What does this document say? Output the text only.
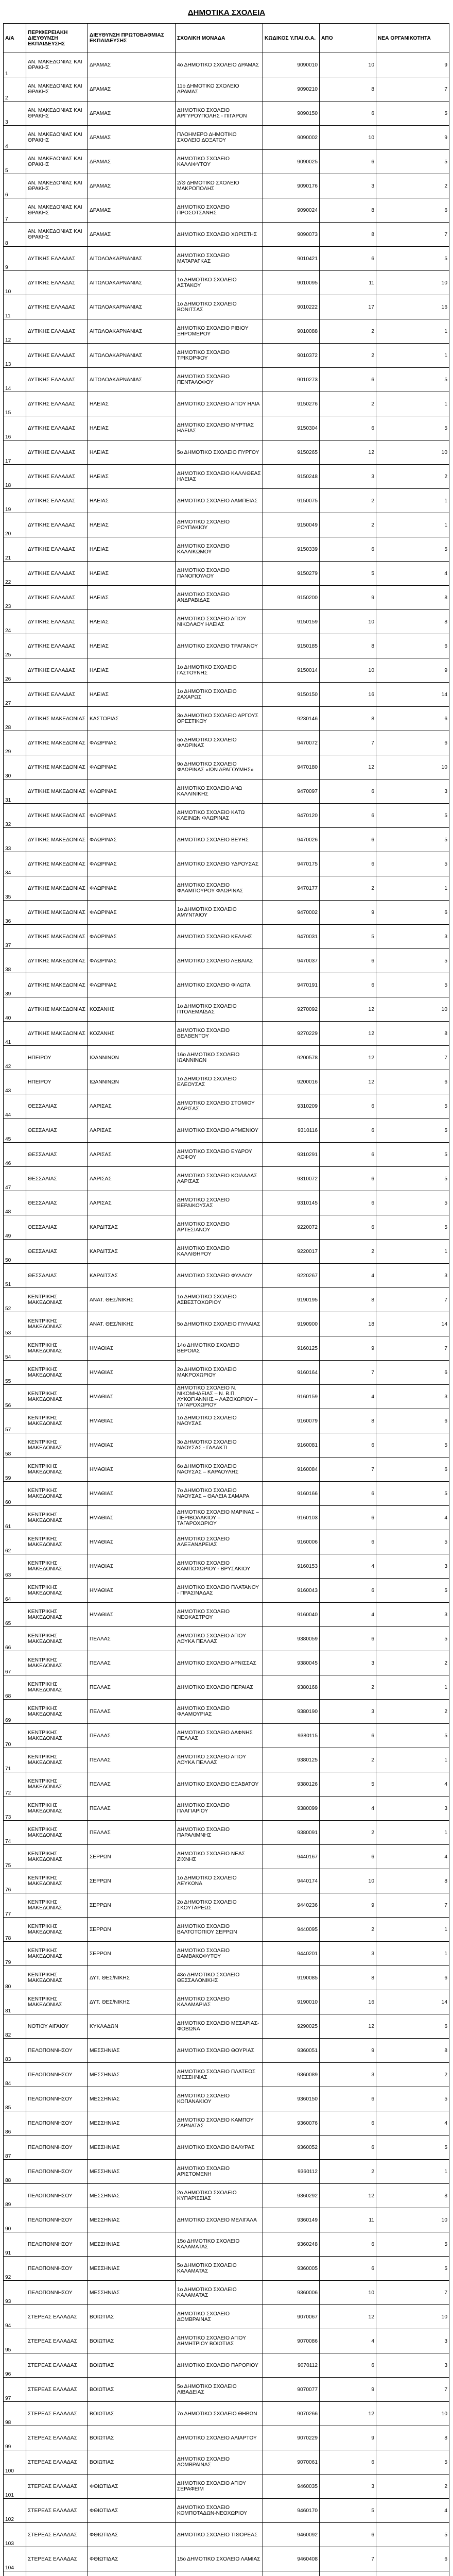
ΔΗΜΟΤΙΚΑ ΣΧΟΛΕΙΑ
Α/Α	ΠΕΡΙΦΕΡΕΙΑΚΗ ΔΙΕΥΘΥΝΣΗ ΕΚΠΑΙΔΕΥΣΗΣ	ΔΙΕΥΘΥΝΣΗ ΠΡΩΤΟΒΑΘΜΙΑΣ ΕΚΠΑΙΔΕΥΣΗΣ	ΣΧΟΛΙΚΗ ΜΟΝΑΔΑ	ΚΩΔΙΚΟΣ Υ.ΠΑΙ.Θ.Α.	ΑΠΟ	ΝΕΑ ΟΡΓΑΝΙΚΟΤΗΤΑ
1	ΑΝ. ΜΑΚΕΔΟΝΙΑΣ ΚΑΙ ΘΡΑΚΗΣ	ΔΡΑΜΑΣ	4ο ΔΗΜΟΤΙΚΟ ΣΧΟΛΕΙΟ ΔΡΑΜΑΣ	9090010	10	9
2	ΑΝ. ΜΑΚΕΔΟΝΙΑΣ ΚΑΙ ΘΡΑΚΗΣ	ΔΡΑΜΑΣ	11ο ΔΗΜΟΤΙΚΟ ΣΧΟΛΕΙΟ ΔΡΑΜΑΣ	9090210	8	7
3	ΑΝ. ΜΑΚΕΔΟΝΙΑΣ ΚΑΙ ΘΡΑΚΗΣ	ΔΡΑΜΑΣ	ΔΗΜΟΤΙΚΟ ΣΧΟΛΕΙΟ ΑΡΓΥΡΟΥΠΟΛΗΣ - ΠΙΓΑΡΟΝ	9090150	6	5
4	ΑΝ. ΜΑΚΕΔΟΝΙΑΣ ΚΑΙ ΘΡΑΚΗΣ	ΔΡΑΜΑΣ	ΠΛΟΗΜΕΡΟ ΔΗΜΟΤΙΚΟ ΣΧΟΛΕΙΟ ΔΟΞΑΤΟΥ	9090002	10	9
5	ΑΝ. ΜΑΚΕΔΟΝΙΑΣ ΚΑΙ ΘΡΑΚΗΣ	ΔΡΑΜΑΣ	ΔΗΜΟΤΙΚΟ ΣΧΟΛΕΙΟ ΚΑΛΛΙΦΥΤΟΥ	9090025	6	5
6	ΑΝ. ΜΑΚΕΔΟΝΙΑΣ ΚΑΙ ΘΡΑΚΗΣ	ΔΡΑΜΑΣ	2/Θ ΔΗΜΟΤΙΚΟ ΣΧΟΛΕΙΟ ΜΑΚΡΟΠΟΛΗΣ	9090176	3	2
7	ΑΝ. ΜΑΚΕΔΟΝΙΑΣ ΚΑΙ ΘΡΑΚΗΣ	ΔΡΑΜΑΣ	ΔΗΜΟΤΙΚΟ ΣΧΟΛΕΙΟ ΠΡΟΣΟΤΣΑΝΗΣ	9090024	8	6
8	ΑΝ. ΜΑΚΕΔΟΝΙΑΣ ΚΑΙ ΘΡΑΚΗΣ	ΔΡΑΜΑΣ	ΔΗΜΟΤΙΚΟ ΣΧΟΛΕΙΟ ΧΩΡΙΣΤΗΣ	9090073	8	7
9	ΔΥΤΙΚΗΣ ΕΛΛΑΔΑΣ	ΑΙΤΩΛΟΑΚΑΡΝΑΝΙΑΣ	ΔΗΜΟΤΙΚΟ ΣΧΟΛΕΙΟ ΜΑΤΑΡΑΓΚΑΣ	9010421	6	5
10	ΔΥΤΙΚΗΣ ΕΛΛΑΔΑΣ	ΑΙΤΩΛΟΑΚΑΡΝΑΝΙΑΣ	1ο ΔΗΜΟΤΙΚΟ ΣΧΟΛΕΙΟ ΑΣΤΑΚΟΥ	9010095	11	10
11	ΔΥΤΙΚΗΣ ΕΛΛΑΔΑΣ	ΑΙΤΩΛΟΑΚΑΡΝΑΝΙΑΣ	1ο ΔΗΜΟΤΙΚΟ ΣΧΟΛΕΙΟ ΒΟΝΙΤΣΑΣ	9010222	17	16
12	ΔΥΤΙΚΗΣ ΕΛΛΑΔΑΣ	ΑΙΤΩΛΟΑΚΑΡΝΑΝΙΑΣ	ΔΗΜΟΤΙΚΟ ΣΧΟΛΕΙΟ ΡΙΒΙΟΥ ΞΗΡΟΜΕΡΟΥ	9010088	2	1
13	ΔΥΤΙΚΗΣ ΕΛΛΑΔΑΣ	ΑΙΤΩΛΟΑΚΑΡΝΑΝΙΑΣ	ΔΗΜΟΤΙΚΟ ΣΧΟΛΕΙΟ ΤΡΙΚΟΡΦΟΥ	9010372	2	1
14	ΔΥΤΙΚΗΣ ΕΛΛΑΔΑΣ	ΑΙΤΩΛΟΑΚΑΡΝΑΝΙΑΣ	ΔΗΜΟΤΙΚΟ ΣΧΟΛΕΙΟ ΠΕΝΤΑΛΟΦΟΥ	9010273	6	5
15	ΔΥΤΙΚΗΣ ΕΛΛΑΔΑΣ	ΗΛΕΙΑΣ	ΔΗΜΟΤΙΚΟ ΣΧΟΛΕΙΟ ΑΓΙΟΥ ΗΛΙΑ	9150276	2	1
16	ΔΥΤΙΚΗΣ ΕΛΛΑΔΑΣ	ΗΛΕΙΑΣ	ΔΗΜΟΤΙΚΟ ΣΧΟΛΕΙΟ ΜΥΡΤΙΑΣ ΗΛΕΙΑΣ	9150304	6	5
17	ΔΥΤΙΚΗΣ ΕΛΛΑΔΑΣ	ΗΛΕΙΑΣ	5ο ΔΗΜΟΤΙΚΟ ΣΧΟΛΕΙΟ ΠΥΡΓΟΥ	9150265	12	10
18	ΔΥΤΙΚΗΣ ΕΛΛΑΔΑΣ	ΗΛΕΙΑΣ	ΔΗΜΟΤΙΚΟ ΣΧΟΛΕΙΟ ΚΑΛΛΙΘΕΑΣ ΗΛΕΙΑΣ	9150248	3	2
19	ΔΥΤΙΚΗΣ ΕΛΛΑΔΑΣ	ΗΛΕΙΑΣ	ΔΗΜΟΤΙΚΟ ΣΧΟΛΕΙΟ ΛΑΜΠΕΙΑΣ	9150075	2	1
20	ΔΥΤΙΚΗΣ ΕΛΛΑΔΑΣ	ΗΛΕΙΑΣ	ΔΗΜΟΤΙΚΟ ΣΧΟΛΕΙΟ ΡΟΥΠΑΚΙΟΥ	9150049	2	1
21	ΔΥΤΙΚΗΣ ΕΛΛΑΔΑΣ	ΗΛΕΙΑΣ	ΔΗΜΟΤΙΚΟ ΣΧΟΛΕΙΟ ΚΑΛΛΙΚΩΜΟΥ	9150339	6	5
22	ΔΥΤΙΚΗΣ ΕΛΛΑΔΑΣ	ΗΛΕΙΑΣ	ΔΗΜΟΤΙΚΟ ΣΧΟΛΕΙΟ ΠΑΝΟΠΟΥΛΟΥ	9150279	5	4
23	ΔΥΤΙΚΗΣ ΕΛΛΑΔΑΣ	ΗΛΕΙΑΣ	ΔΗΜΟΤΙΚΟ ΣΧΟΛΕΙΟ ΑΝΔΡΑΒΙΔΑΣ	9150200	9	8
24	ΔΥΤΙΚΗΣ ΕΛΛΑΔΑΣ	ΗΛΕΙΑΣ	ΔΗΜΟΤΙΚΟ ΣΧΟΛΕΙΟ ΑΓΙΟΥ ΝΙΚΟΛΑΟΥ ΗΛΕΙΑΣ	9150159	10	8
25	ΔΥΤΙΚΗΣ ΕΛΛΑΔΑΣ	ΗΛΕΙΑΣ	ΔΗΜΟΤΙΚΟ ΣΧΟΛΕΙΟ ΤΡΑΓΑΝΟΥ	9150185	8	6
26	ΔΥΤΙΚΗΣ ΕΛΛΑΔΑΣ	ΗΛΕΙΑΣ	1ο ΔΗΜΟΤΙΚΟ ΣΧΟΛΕΙΟ ΓΑΣΤΟΥΝΗΣ	9150014	10	9
27	ΔΥΤΙΚΗΣ ΕΛΛΑΔΑΣ	ΗΛΕΙΑΣ	1ο ΔΗΜΟΤΙΚΟ ΣΧΟΛΕΙΟ ΖΑΧΑΡΩΣ	9150150	16	14
28	ΔΥΤΙΚΗΣ ΜΑΚΕΔΟΝΙΑΣ	ΚΑΣΤΟΡΙΑΣ	3ο ΔΗΜΟΤΙΚΟ ΣΧΟΛΕΙΟ ΑΡΓΟΥΣ ΟΡΕΣΤΙΚΟΥ	9230146	8	6
29	ΔΥΤΙΚΗΣ ΜΑΚΕΔΟΝΙΑΣ	ΦΛΩΡΙΝΑΣ	5ο ΔΗΜΟΤΙΚΟ ΣΧΟΛΕΙΟ ΦΛΩΡΙΝΑΣ	9470072	7	6
30	ΔΥΤΙΚΗΣ ΜΑΚΕΔΟΝΙΑΣ	ΦΛΩΡΙΝΑΣ	9ο ΔΗΜΟΤΙΚΟ ΣΧΟΛΕΙΟ ΦΛΩΡΙΝΑΣ «ΙΩΝ ΔΡΑΓΟΥΜΗΣ»	9470180	12	10
31	ΔΥΤΙΚΗΣ ΜΑΚΕΔΟΝΙΑΣ	ΦΛΩΡΙΝΑΣ	ΔΗΜΟΤΙΚΟ ΣΧΟΛΕΙΟ ΑΝΩ ΚΑΛΛΙΝΙΚΗΣ	9470097	6	3
32	ΔΥΤΙΚΗΣ ΜΑΚΕΔΟΝΙΑΣ	ΦΛΩΡΙΝΑΣ	ΔΗΜΟΤΙΚΟ ΣΧΟΛΕΙΟ ΚΑΤΩ ΚΛΕΙΝΩΝ ΦΛΩΡΙΝΑΣ	9470120	6	5
33	ΔΥΤΙΚΗΣ ΜΑΚΕΔΟΝΙΑΣ	ΦΛΩΡΙΝΑΣ	ΔΗΜΟΤΙΚΟ ΣΧΟΛΕΙΟ ΒΕΥΗΣ	9470026	6	5
34	ΔΥΤΙΚΗΣ ΜΑΚΕΔΟΝΙΑΣ	ΦΛΩΡΙΝΑΣ	ΔΗΜΟΤΙΚΟ ΣΧΟΛΕΙΟ ΥΔΡΟΥΣΑΣ	9470175	6	5
35	ΔΥΤΙΚΗΣ ΜΑΚΕΔΟΝΙΑΣ	ΦΛΩΡΙΝΑΣ	ΔΗΜΟΤΙΚΟ ΣΧΟΛΕΙΟ ΦΛΑΜΠΟΥΡΟΥ ΦΛΩΡΙΝΑΣ	9470177	2	1
36	ΔΥΤΙΚΗΣ ΜΑΚΕΔΟΝΙΑΣ	ΦΛΩΡΙΝΑΣ	1ο ΔΗΜΟΤΙΚΟ ΣΧΟΛΕΙΟ ΑΜΥΝΤΑΙΟΥ	9470002	9	6
37	ΔΥΤΙΚΗΣ ΜΑΚΕΔΟΝΙΑΣ	ΦΛΩΡΙΝΑΣ	ΔΗΜΟΤΙΚΟ ΣΧΟΛΕΙΟ ΚΕΛΛΗΣ	9470031	5	3
38	ΔΥΤΙΚΗΣ ΜΑΚΕΔΟΝΙΑΣ	ΦΛΩΡΙΝΑΣ	ΔΗΜΟΤΙΚΟ ΣΧΟΛΕΙΟ ΛΕΒΑΙΑΣ	9470037	6	5
39	ΔΥΤΙΚΗΣ ΜΑΚΕΔΟΝΙΑΣ	ΦΛΩΡΙΝΑΣ	ΔΗΜΟΤΙΚΟ ΣΧΟΛΕΙΟ ΦΙΛΩΤΑ	9470191	6	5
40	ΔΥΤΙΚΗΣ ΜΑΚΕΔΟΝΙΑΣ	ΚΟΖΑΝΗΣ	1ο ΔΗΜΟΤΙΚΟ ΣΧΟΛΕΙΟ ΠΤΟΛΕΜΑΪΔΑΣ	9270092	12	10
41	ΔΥΤΙΚΗΣ ΜΑΚΕΔΟΝΙΑΣ	ΚΟΖΑΝΗΣ	ΔΗΜΟΤΙΚΟ ΣΧΟΛΕΙΟ ΒΕΛΒΕΝΤΟΥ	9270229	12	8
42	ΗΠΕΙΡΟΥ	ΙΩΑΝΝΙΝΩΝ	16ο ΔΗΜΟΤΙΚΟ ΣΧΟΛΕΙΟ ΙΩΑΝΝΙΝΩΝ	9200578	12	7
43	ΗΠΕΙΡΟΥ	ΙΩΑΝΝΙΝΩΝ	1ο ΔΗΜΟΤΙΚΟ ΣΧΟΛΕΙΟ ΕΛΕΟΥΣΑΣ	9200016	12	6
44	ΘΕΣΣΑΛΙΑΣ	ΛΑΡΙΣΑΣ	ΔΗΜΟΤΙΚΟ ΣΧΟΛΕΙΟ ΣΤΟΜΙΟΥ ΛΑΡΙΣΑΣ	9310209	6	5
45	ΘΕΣΣΑΛΙΑΣ	ΛΑΡΙΣΑΣ	ΔΗΜΟΤΙΚΟ ΣΧΟΛΕΙΟ ΑΡΜΕΝΙΟΥ	9310116	6	5
46	ΘΕΣΣΑΛΙΑΣ	ΛΑΡΙΣΑΣ	ΔΗΜΟΤΙΚΟ ΣΧΟΛΕΙΟ ΕΥΔΡΟΥ ΛΟΦΟΥ	9310291	6	5
47	ΘΕΣΣΑΛΙΑΣ	ΛΑΡΙΣΑΣ	ΔΗΜΟΤΙΚΟ ΣΧΟΛΕΙΟ ΚΟΙΛΑΔΑΣ ΛΑΡΙΣΑΣ	9310072	6	5
48	ΘΕΣΣΑΛΙΑΣ	ΛΑΡΙΣΑΣ	ΔΗΜΟΤΙΚΟ ΣΧΟΛΕΙΟ ΒΕΡΔΙΚΟΥΣΑΣ	9310145	6	5
49	ΘΕΣΣΑΛΙΑΣ	ΚΑΡΔΙΤΣΑΣ	ΔΗΜΟΤΙΚΟ ΣΧΟΛΕΙΟ ΑΡΤΕΣΙΑΝΟΥ	9220072	6	5
50	ΘΕΣΣΑΛΙΑΣ	ΚΑΡΔΙΤΣΑΣ	ΔΗΜΟΤΙΚΟ ΣΧΟΛΕΙΟ ΚΑΛΛΙΘΗΡΟΥ	9220017	2	1
51	ΘΕΣΣΑΛΙΑΣ	ΚΑΡΔΙΤΣΑΣ	ΔΗΜΟΤΙΚΟ ΣΧΟΛΕΙΟ ΦΥΛΛΟΥ	9220267	4	3
52	ΚΕΝΤΡΙΚΗΣ ΜΑΚΕΔΟΝΙΑΣ	ΑΝΑΤ. ΘΕΣ/ΝΙΚΗΣ	1ο ΔΗΜΟΤΙΚΟ ΣΧΟΛΕΙΟ ΑΣΒΕΣΤΟΧΩΡΙΟΥ	9190195	8	7
53	ΚΕΝΤΡΙΚΗΣ ΜΑΚΕΔΟΝΙΑΣ	ΑΝΑΤ. ΘΕΣ/ΝΙΚΗΣ	5ο ΔΗΜΟΤΙΚΟ ΣΧΟΛΕΙΟ ΠΥΛΑΙΑΣ	9190900	18	14
54	ΚΕΝΤΡΙΚΗΣ ΜΑΚΕΔΟΝΙΑΣ	ΗΜΑΘΙΑΣ	14ο ΔΗΜΟΤΙΚΟ ΣΧΟΛΕΙΟ ΒΕΡΟΙΑΣ	9160125	9	7
55	ΚΕΝΤΡΙΚΗΣ ΜΑΚΕΔΟΝΙΑΣ	ΗΜΑΘΙΑΣ	2ο ΔΗΜΟΤΙΚΟ ΣΧΟΛΕΙΟ ΜΑΚΡΟΧΩΡΙΟΥ	9160164	7	6
56	ΚΕΝΤΡΙΚΗΣ ΜΑΚΕΔΟΝΙΑΣ	ΗΜΑΘΙΑΣ	ΔΗΜΟΤΙΚΟ ΣΧΟΛΕΙΟ Ν. ΝΙΚΟΜΗΔΕΙΑΣ – Ν. Β.Π. ΛΥΚΟΓΙΑΝΝΗΣ – ΛΑΖΟΧΩΡΙΟΥ – ΤΑΓΑΡΟΧΩΡΙΟΥ	9160159	4	3
57	ΚΕΝΤΡΙΚΗΣ ΜΑΚΕΔΟΝΙΑΣ	ΗΜΑΘΙΑΣ	1ο ΔΗΜΟΤΙΚΟ ΣΧΟΛΕΙΟ ΝΑΟΥΣΑΣ	9160079	8	6
58	ΚΕΝΤΡΙΚΗΣ ΜΑΚΕΔΟΝΙΑΣ	ΗΜΑΘΙΑΣ	3ο ΔΗΜΟΤΙΚΟ ΣΧΟΛΕΙΟ ΝΑΟΥΣΑΣ - ΓΑΛΑΚΤΙ	9160081	6	5
59	ΚΕΝΤΡΙΚΗΣ ΜΑΚΕΔΟΝΙΑΣ	ΗΜΑΘΙΑΣ	6ο ΔΗΜΟΤΙΚΟ ΣΧΟΛΕΙΟ ΝΑΟΥΣΑΣ – ΚΑΡΑΟΥΛΗΣ	9160084	7	6
60	ΚΕΝΤΡΙΚΗΣ ΜΑΚΕΔΟΝΙΑΣ	ΗΜΑΘΙΑΣ	7ο ΔΗΜΟΤΙΚΟ ΣΧΟΛΕΙΟ ΝΑΟΥΣΑΣ – ΘΑΛΕΙΑ ΣΑΜΑΡΑ	9160166	6	5
61	ΚΕΝΤΡΙΚΗΣ ΜΑΚΕΔΟΝΙΑΣ	ΗΜΑΘΙΑΣ	ΔΗΜΟΤΙΚΟ ΣΧΟΛΕΙΟ ΜΑΡΙΝΑΣ – ΠΕΡΙΒΟΛΑΚΙΟΥ – ΤΑΓΑΡΟΧΩΡΙΟΥ	9160103	6	4
62	ΚΕΝΤΡΙΚΗΣ ΜΑΚΕΔΟΝΙΑΣ	ΗΜΑΘΙΑΣ	ΔΗΜΟΤΙΚΟ ΣΧΟΛΕΙΟ ΑΛΕΞΑΝΔΡΕΙΑΣ	9160006	6	5
63	ΚΕΝΤΡΙΚΗΣ ΜΑΚΕΔΟΝΙΑΣ	ΗΜΑΘΙΑΣ	ΔΗΜΟΤΙΚΟ ΣΧΟΛΕΙΟ ΚΑΜΠΟΧΩΡΙΟΥ - ΒΡΥΣΑΚΙΟΥ	9160153	4	3
64	ΚΕΝΤΡΙΚΗΣ ΜΑΚΕΔΟΝΙΑΣ	ΗΜΑΘΙΑΣ	ΔΗΜΟΤΙΚΟ ΣΧΟΛΕΙΟ ΠΛΑΤΑΝΟΥ - ΠΡΑΣΙΝΑΔΑΣ	9160043	6	5
65	ΚΕΝΤΡΙΚΗΣ ΜΑΚΕΔΟΝΙΑΣ	ΗΜΑΘΙΑΣ	ΔΗΜΟΤΙΚΟ ΣΧΟΛΕΙΟ ΝΕΟΚΑΣΤΡΟΥ	9160040	4	3
66	ΚΕΝΤΡΙΚΗΣ ΜΑΚΕΔΟΝΙΑΣ	ΠΕΛΛΑΣ	ΔΗΜΟΤΙΚΟ ΣΧΟΛΕΙΟ ΑΓΙΟΥ ΛΟΥΚΑ ΠΕΛΛΑΣ	9380059	6	5
67	ΚΕΝΤΡΙΚΗΣ ΜΑΚΕΔΟΝΙΑΣ	ΠΕΛΛΑΣ	ΔΗΜΟΤΙΚΟ ΣΧΟΛΕΙΟ ΑΡΝΙΣΣΑΣ	9380045	3	2
68	ΚΕΝΤΡΙΚΗΣ ΜΑΚΕΔΟΝΙΑΣ	ΠΕΛΛΑΣ	ΔΗΜΟΤΙΚΟ ΣΧΟΛΕΙΟ ΠΕΡΑΙΑΣ	9380168	2	1
69	ΚΕΝΤΡΙΚΗΣ ΜΑΚΕΔΟΝΙΑΣ	ΠΕΛΛΑΣ	ΔΗΜΟΤΙΚΟ ΣΧΟΛΕΙΟ ΦΛΑΜΟΥΡΙΑΣ	9380190	3	2
70	ΚΕΝΤΡΙΚΗΣ ΜΑΚΕΔΟΝΙΑΣ	ΠΕΛΛΑΣ	ΔΗΜΟΤΙΚΟ ΣΧΟΛΕΙΟ ΔΑΦΝΗΣ ΠΕΛΛΑΣ	9380115	6	5
71	ΚΕΝΤΡΙΚΗΣ ΜΑΚΕΔΟΝΙΑΣ	ΠΕΛΛΑΣ	ΔΗΜΟΤΙΚΟ ΣΧΟΛΕΙΟ ΑΓΙΟΥ ΛΟΥΚΑ ΠΕΛΛΑΣ	9380125	2	1
72	ΚΕΝΤΡΙΚΗΣ ΜΑΚΕΔΟΝΙΑΣ	ΠΕΛΛΑΣ	ΔΗΜΟΤΙΚΟ ΣΧΟΛΕΙΟ ΕΞΑΒΑΤΟΥ	9380126	5	4
73	ΚΕΝΤΡΙΚΗΣ ΜΑΚΕΔΟΝΙΑΣ	ΠΕΛΛΑΣ	ΔΗΜΟΤΙΚΟ ΣΧΟΛΕΙΟ ΠΛΑΓΙΑΡΙΟΥ	9380099	4	3
74	ΚΕΝΤΡΙΚΗΣ ΜΑΚΕΔΟΝΙΑΣ	ΠΕΛΛΑΣ	ΔΗΜΟΤΙΚΟ ΣΧΟΛΕΙΟ ΠΑΡΑΛΙΜΝΗΣ	9380091	2	1
75	ΚΕΝΤΡΙΚΗΣ ΜΑΚΕΔΟΝΙΑΣ	ΣΕΡΡΩΝ	ΔΗΜΟΤΙΚΟ ΣΧΟΛΕΙΟ ΝΕΑΣ ΖΙΧΝΗΣ	9440167	6	4
76	ΚΕΝΤΡΙΚΗΣ ΜΑΚΕΔΟΝΙΑΣ	ΣΕΡΡΩΝ	1ο ΔΗΜΟΤΙΚΟ ΣΧΟΛΕΙΟ ΛΕΥΚΩΝΑ	9440174	10	8
77	ΚΕΝΤΡΙΚΗΣ ΜΑΚΕΔΟΝΙΑΣ	ΣΕΡΡΩΝ	2ο ΔΗΜΟΤΙΚΟ ΣΧΟΛΕΙΟ ΣΚΟΥΤΑΡΕΩΣ	9440236	9	7
78	ΚΕΝΤΡΙΚΗΣ ΜΑΚΕΔΟΝΙΑΣ	ΣΕΡΡΩΝ	ΔΗΜΟΤΙΚΟ ΣΧΟΛΕΙΟ ΒΑΛΤΟΤΟΠΙΟΥ ΣΕΡΡΩΝ	9440095	2	1
79	ΚΕΝΤΡΙΚΗΣ ΜΑΚΕΔΟΝΙΑΣ	ΣΕΡΡΩΝ	ΔΗΜΟΤΙΚΟ ΣΧΟΛΕΙΟ ΒΑΜΒΑΚΟΦΥΤΟΥ	9440201	3	1
80	ΚΕΝΤΡΙΚΗΣ ΜΑΚΕΔΟΝΙΑΣ	ΔΥΤ. ΘΕΣ/ΝΙΚΗΣ	43ο ΔΗΜΟΤΙΚΟ ΣΧΟΛΕΙΟ ΘΕΣΣΑΛΟΝΙΚΗΣ	9190085	8	6
81	ΚΕΝΤΡΙΚΗΣ ΜΑΚΕΔΟΝΙΑΣ	ΔΥΤ. ΘΕΣ/ΝΙΚΗΣ	ΔΗΜΟΤΙΚΟ ΣΧΟΛΕΙΟ ΚΑΛΑΜΑΡΙΑΣ	9190010	16	14
82	ΝΟΤΙΟΥ ΑΙΓΑΙΟΥ	ΚΥΚΛΑΔΩΝ	ΔΗΜΟΤΙΚΟ ΣΧΟΛΕΙΟ ΜΕΣΑΡΙΑΣ-ΦΟΒΩΝΑ	9290025	12	6
83	ΠΕΛΟΠΟΝΝΗΣΟΥ	ΜΕΣΣΗΝΙΑΣ	ΔΗΜΟΤΙΚΟ ΣΧΟΛΕΙΟ ΘΟΥΡΙΑΣ	9360051	9	8
84	ΠΕΛΟΠΟΝΝΗΣΟΥ	ΜΕΣΣΗΝΙΑΣ	ΔΗΜΟΤΙΚΟ ΣΧΟΛΕΙΟ ΠΛΑΤΕΟΣ ΜΕΣΣΗΝΙΑΣ	9360089	3	2
85	ΠΕΛΟΠΟΝΝΗΣΟΥ	ΜΕΣΣΗΝΙΑΣ	ΔΗΜΟΤΙΚΟ ΣΧΟΛΕΙΟ ΚΟΠΑΝΑΚΙΟΥ	9360150	6	5
86	ΠΕΛΟΠΟΝΝΗΣΟΥ	ΜΕΣΣΗΝΙΑΣ	ΔΗΜΟΤΙΚΟ ΣΧΟΛΕΙΟ ΚΑΜΠΟΥ ΖΑΡΝΑΤΑΣ	9360076	6	4
87	ΠΕΛΟΠΟΝΝΗΣΟΥ	ΜΕΣΣΗΝΙΑΣ	ΔΗΜΟΤΙΚΟ ΣΧΟΛΕΙΟ ΒΑΛΥΡΑΣ	9360052	6	5
88	ΠΕΛΟΠΟΝΝΗΣΟΥ	ΜΕΣΣΗΝΙΑΣ	ΔΗΜΟΤΙΚΟ ΣΧΟΛΕΙΟ ΑΡΙΣΤΟΜΕΝΗ	9360112	2	1
89	ΠΕΛΟΠΟΝΝΗΣΟΥ	ΜΕΣΣΗΝΙΑΣ	2ο ΔΗΜΟΤΙΚΟ ΣΧΟΛΕΙΟ ΚΥΠΑΡΙΣΣΙΑΣ	9360292	12	8
90	ΠΕΛΟΠΟΝΝΗΣΟΥ	ΜΕΣΣΗΝΙΑΣ	ΔΗΜΟΤΙΚΟ ΣΧΟΛΕΙΟ ΜΕΛΙΓΑΛΑ	9360149	11	10
91	ΠΕΛΟΠΟΝΝΗΣΟΥ	ΜΕΣΣΗΝΙΑΣ	15ο ΔΗΜΟΤΙΚΟ ΣΧΟΛΕΙΟ ΚΑΛΑΜΑΤΑΣ	9360248	6	5
92	ΠΕΛΟΠΟΝΝΗΣΟΥ	ΜΕΣΣΗΝΙΑΣ	5ο ΔΗΜΟΤΙΚΟ ΣΧΟΛΕΙΟ ΚΑΛΑΜΑΤΑΣ	9360005	6	5
93	ΠΕΛΟΠΟΝΝΗΣΟΥ	ΜΕΣΣΗΝΙΑΣ	1ο ΔΗΜΟΤΙΚΟ ΣΧΟΛΕΙΟ ΚΑΛΑΜΑΤΑΣ	9360006	10	7
94	ΣΤΕΡΕΑΣ ΕΛΛΑΔΑΣ	ΒΟΙΩΤΙΑΣ	ΔΗΜΟΤΙΚΟ ΣΧΟΛΕΙΟ ΔΟΜΒΡΑΙΝΑΣ	9070067	12	10
95	ΣΤΕΡΕΑΣ ΕΛΛΑΔΑΣ	ΒΟΙΩΤΙΑΣ	ΔΗΜΟΤΙΚΟ ΣΧΟΛΕΙΟ ΑΓΙΟΥ ΔΗΜΗΤΡΙΟΥ ΒΟΙΩΤΙΑΣ	9070086	4	3
96	ΣΤΕΡΕΑΣ ΕΛΛΑΔΑΣ	ΒΟΙΩΤΙΑΣ	ΔΗΜΟΤΙΚΟ ΣΧΟΛΕΙΟ ΠΑΡΟΡΙΟΥ	9070112	6	3
97	ΣΤΕΡΕΑΣ ΕΛΛΑΔΑΣ	ΒΟΙΩΤΙΑΣ	5ο ΔΗΜΟΤΙΚΟ ΣΧΟΛΕΙΟ ΛΙΒΑΔΕΙΑΣ	9070077	9	7
98	ΣΤΕΡΕΑΣ ΕΛΛΑΔΑΣ	ΒΟΙΩΤΙΑΣ	7ο ΔΗΜΟΤΙΚΟ ΣΧΟΛΕΙΟ ΘΗΒΩΝ	9070266	12	10
99	ΣΤΕΡΕΑΣ ΕΛΛΑΔΑΣ	ΒΟΙΩΤΙΑΣ	ΔΗΜΟΤΙΚΟ ΣΧΟΛΕΙΟ ΑΛΙΑΡΤΟΥ	9070229	9	8
100	ΣΤΕΡΕΑΣ ΕΛΛΑΔΑΣ	ΒΟΙΩΤΙΑΣ	ΔΗΜΟΤΙΚΟ ΣΧΟΛΕΙΟ ΔΟΜΒΡΑΙΝΑΣ	9070061	6	5
101	ΣΤΕΡΕΑΣ ΕΛΛΑΔΑΣ	ΦΘΙΩΤΙΔΑΣ	ΔΗΜΟΤΙΚΟ ΣΧΟΛΕΙΟ ΑΓΙΟΥ ΣΕΡΑΦΕΙΜ	9460035	3	2
102	ΣΤΕΡΕΑΣ ΕΛΛΑΔΑΣ	ΦΘΙΩΤΙΔΑΣ	ΔΗΜΟΤΙΚΟ ΣΧΟΛΕΙΟ ΚΟΜΠΟΤΑΔΩΝ-ΝΕΟΧΩΡΙΟΥ	9460170	5	4
103	ΣΤΕΡΕΑΣ ΕΛΛΑΔΑΣ	ΦΘΙΩΤΙΔΑΣ	ΔΗΜΟΤΙΚΟ ΣΧΟΛΕΙΟ ΤΙΘΟΡΕΑΣ	9460092	6	5
104	ΣΤΕΡΕΑΣ ΕΛΛΑΔΑΣ	ΦΘΙΩΤΙΔΑΣ	15ο ΔΗΜΟΤΙΚΟ ΣΧΟΛΕΙΟ ΛΑΜΙΑΣ	9460408	7	6
